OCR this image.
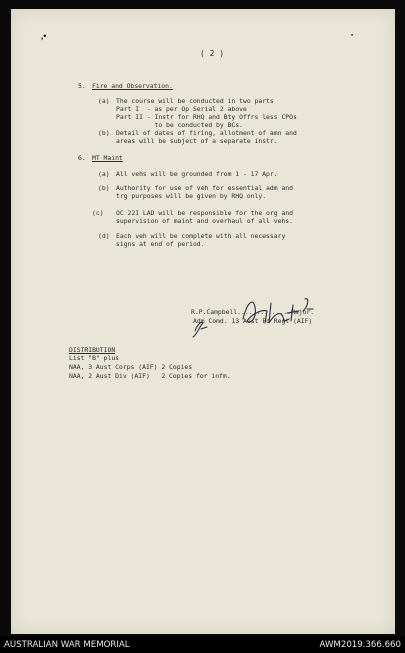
,•	•
( 2 )
5. Fire and Observation.
(a) The course will be conducted in two parts
Part I  - as per Op Serial 2 above
Part II - Instr for RHQ and Bty Offrs less CPOs
to be conducted by BCs.
(b) Detail of dates of firing, allotment of amn and
areas will be subject of a separate instr.
6. MT Maint
(a) All vehs will be grounded from 1 - 17 Apr.
(b) Authority for use of veh for essential adm and
trg purposes will be given by RHQ only.
(c) OC 22I LAD will be responsible for the org and
supervision of maint and overhaul of all vehs.
(d) Each veh will be complete with all necessary
signs at end of period.
R.P.Campbell..............Major.
Adm Comd. 13 Aust Fd Regt (AIF)
DISTRIBUTION
List "B" plus
NAA, 3 Aust Corps (AIF) 2 Copies
NAA, 2 Aust Div (AIF)   2 Copies for infm.
AUSTRALIAN WAR MEMORIAL	AWM2019.366.660
